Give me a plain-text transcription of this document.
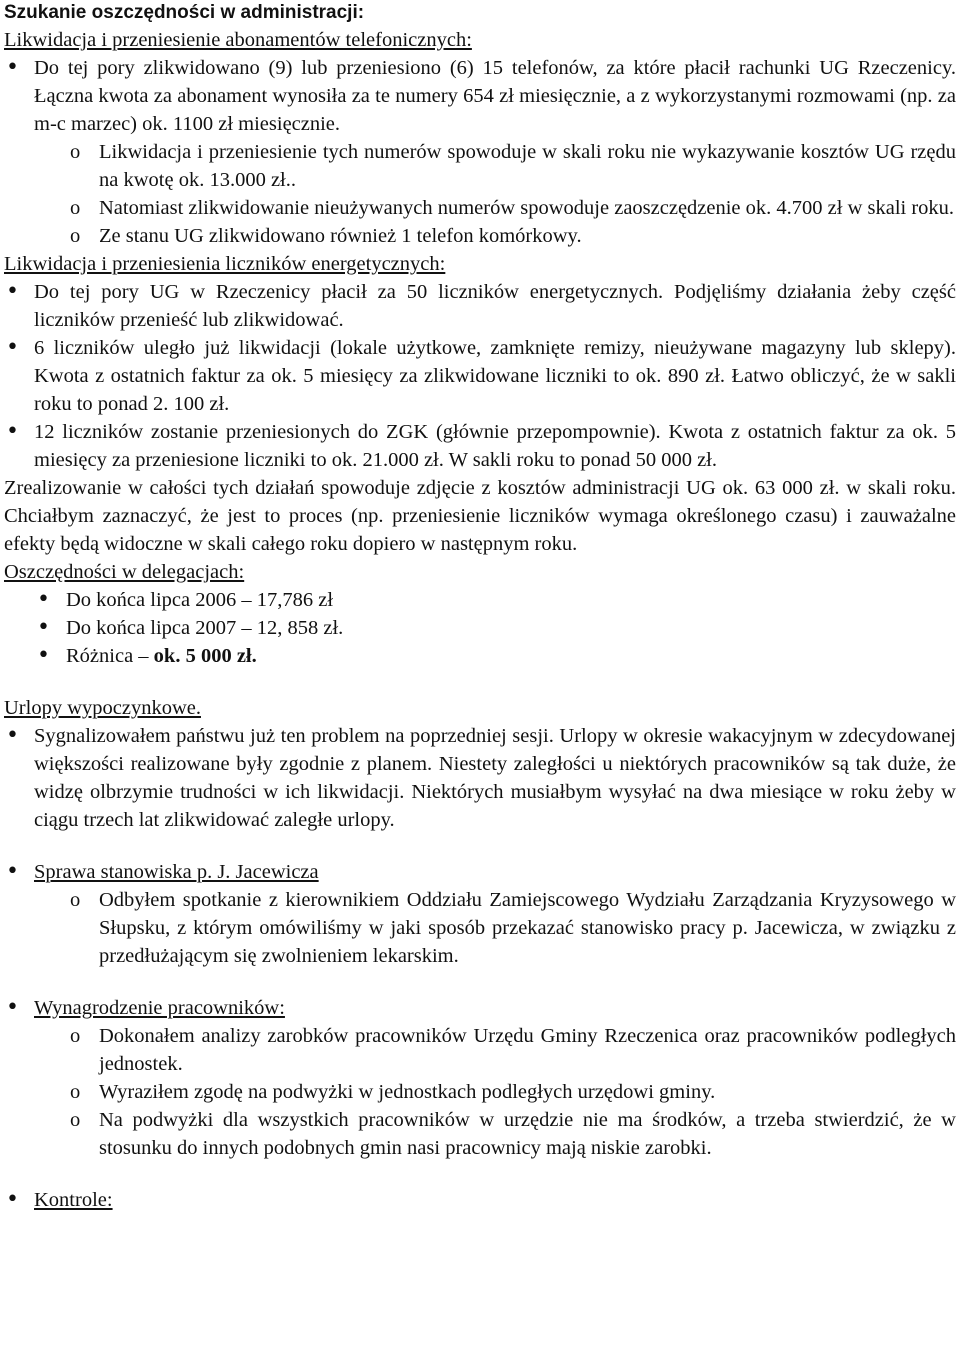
Szukanie oszczędności w administracji:
Likwidacja i przeniesienie abonamentów telefonicznych:
• Do tej pory zlikwidowano (9) lub przeniesiono (6) 15 telefonów, za które płacił rachunki UG Rzeczenicy. Łączna kwota za abonament wynosiła za te numery 654 zł miesięcznie, a z wykorzystanymi rozmowami (np. za m-c marzec) ok. 1100 zł miesięcznie.
o Likwidacja i przeniesienie tych numerów spowoduje w skali roku nie wykazywanie kosztów UG rzędu na kwotę ok. 13.000 zł..
o Natomiast zlikwidowanie nieużywanych numerów spowoduje zaoszczędzenie ok. 4.700 zł w skali roku.
o Ze stanu UG zlikwidowano również 1 telefon komórkowy.
Likwidacja i przeniesienia liczników energetycznych:
• Do tej pory UG w Rzeczenicy płacił za 50 liczników energetycznych. Podjęliśmy działania żeby część liczników przenieść lub zlikwidować.
• 6 liczników uległo już likwidacji (lokale użytkowe, zamknięte remizy, nieużywane magazyny lub sklepy). Kwota z ostatnich faktur za ok. 5 miesięcy za zlikwidowane liczniki to ok. 890 zł. Łatwo obliczyć, że w sakli roku to ponad 2. 100 zł.
• 12 liczników zostanie przeniesionych do ZGK (głównie przepompownie). Kwota z ostatnich faktur za ok. 5 miesięcy za przeniesione liczniki to ok. 21.000 zł. W sakli roku to ponad 50 000 zł.
Zrealizowanie w całości tych działań spowoduje zdjęcie z kosztów administracji UG ok. 63 000 zł. w skali roku. Chciałbym zaznaczyć, że jest to proces (np. przeniesienie liczników wymaga określonego czasu) i zauważalne efekty będą widoczne w skali całego roku dopiero w następnym roku.
Oszczędności w delegacjach:
• Do końca lipca 2006 – 17,786 zł
• Do końca lipca 2007 – 12, 858 zł.
• Różnica – ok. 5 000 zł.
Urlopy wypoczynkowe.
• Sygnalizowałem państwu już ten problem na poprzedniej sesji. Urlopy w okresie wakacyjnym w zdecydowanej większości realizowane były zgodnie z planem. Niestety zaległości u niektórych pracowników są tak duże, że widzę olbrzymie trudności w ich likwidacji. Niektórych musiałbym wysyłać na dwa miesiące w roku żeby w ciągu trzech lat zlikwidować zaległe urlopy.
• Sprawa stanowiska p. J. Jacewicza
o Odbyłem spotkanie z kierownikiem Oddziału Zamiejscowego Wydziału Zarządzania Kryzysowego w Słupsku, z którym omówiliśmy w jaki sposób przekazać stanowisko pracy p. Jacewicza, w związku z przedłużającym się zwolnieniem lekarskim.
• Wynagrodzenie pracowników:
o Dokonałem analizy zarobków pracowników Urzędu Gminy Rzeczenica oraz pracowników podległych jednostek.
o Wyraziłem zgodę na podwyżki w jednostkach podległych urzędowi gminy.
o Na podwyżki dla wszystkich pracowników w urzędzie nie ma środków, a trzeba stwierdzić, że w stosunku do innych podobnych gmin nasi pracownicy mają niskie zarobki.
• Kontrole:
